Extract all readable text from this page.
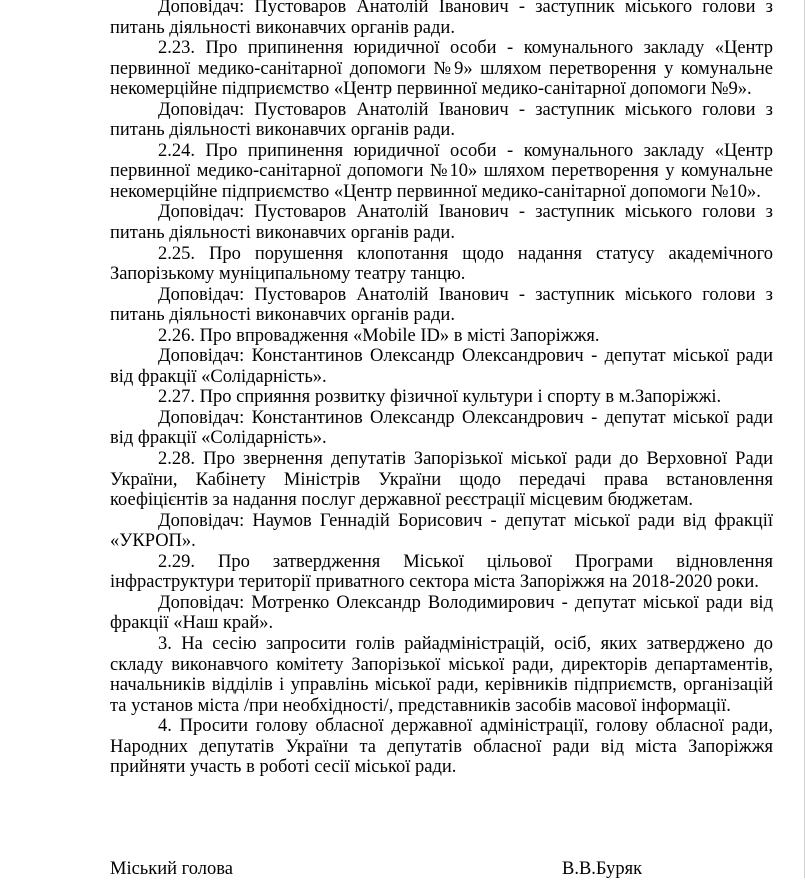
Доповідач: Пустоваров Анатолій Іванович - заступник міського голови з питань діяльності виконавчих органів ради.

2.23. Про припинення юридичної особи - комунального закладу «Центр первинної медико-санітарної допомоги №9» шляхом перетворення у комунальне некомерційне підприємство «Центр первинної медико-санітарної допомоги №9».

Доповідач: Пустоваров Анатолій Іванович - заступник міського голови з питань діяльності виконавчих органів ради.

2.24. Про припинення юридичної особи - комунального закладу «Центр первинної медико-санітарної допомоги №10» шляхом перетворення у комунальне некомерційне підприємство «Центр первинної медико-санітарної допомоги №10».

Доповідач: Пустоваров Анатолій Іванович - заступник міського голови з питань діяльності виконавчих органів ради.

2.25. Про порушення клопотання щодо надання статусу академічного Запорізькому муніципальному театру танцю.

Доповідач: Пустоваров Анатолій Іванович - заступник міського голови з питань діяльності виконавчих органів ради.

2.26. Про впровадження «Mobile ID» в місті Запоріжжя.

Доповідач: Константинов Олександр Олександрович - депутат міської ради від фракції «Солідарність».

2.27. Про сприяння розвитку фізичної культури і спорту в м.Запоріжжі.

Доповідач: Константинов Олександр Олександрович - депутат міської ради від фракції «Солідарність».

2.28. Про звернення депутатів Запорізької міської ради до Верховної Ради України, Кабінету Міністрів України щодо передачі права встановлення коефіцієнтів за надання послуг державної реєстрації місцевим бюджетам.

Доповідач: Наумов Геннадій Борисович - депутат міської ради від фракції «УКРОП».

2.29. Про затвердження Міської цільової Програми відновлення інфраструктури території приватного сектора міста Запоріжжя на 2018-2020 роки.

Доповідач: Мотренко Олександр Володимирович - депутат міської ради від фракції «Наш край».

3. На сесію запросити голів райадміністрацій, осіб, яких затверджено до складу виконавчого комітету Запорізької міської ради, директорів департаментів, начальників відділів і управлінь міської ради, керівників підприємств, організацій та установ міста /при необхідності/, представників засобів масової інформації.

4. Просити голову обласної державної адміністрації, голову обласної ради, Народних депутатів України та депутатів обласної ради від міста Запоріжжя прийняти участь в роботі сесії міської ради.

Міський голова	В.В.Буряк
